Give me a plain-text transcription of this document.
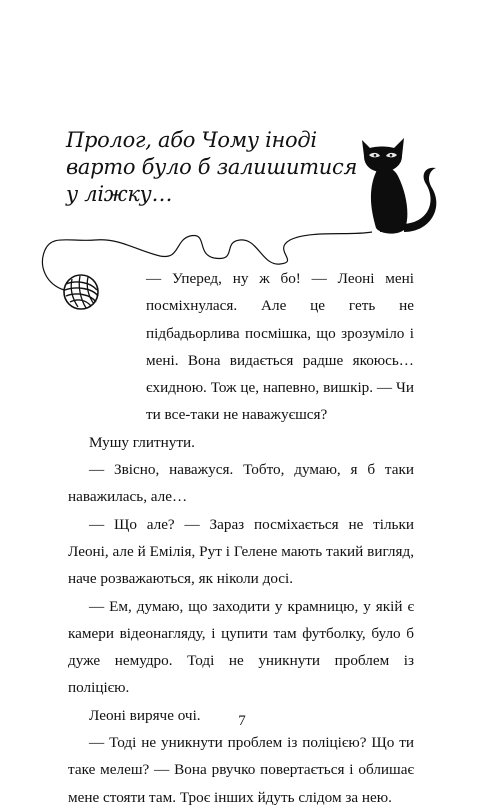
Пролог, або Чому іноді
варто було б залишитися
у ліжку…

— Уперед, ну ж бо! — Леоні мені посміхнулася. Але це геть не підбадьорлива посмішка, що зрозуміло і мені. Вона видається радше якоюсь… єхидною. Тож це, напевно, вишкір. — Чи ти все-таки не наважуєшся?

Мушу глитнути.

— Звісно, наважуся. Тобто, думаю, я б таки наважилась, але…

— Що але? — Зараз посміхається не тільки Леоні, але й Емілія, Рут і Гелене мають такий вигляд, наче розважаються, як ніколи досі.

— Ем, думаю, що заходити у крамницю, у якій є камери відеонагляду, і цупити там футболку, було б дуже немудро. Тоді не уникнути проблем із поліцією.

Леоні виряче очі.

— Тоді не уникнути проблем із поліцією? Що ти таке мелеш? — Вона рвучко повертається і облишає мене стояти там. Троє інших йдуть слідом за нею.

7
